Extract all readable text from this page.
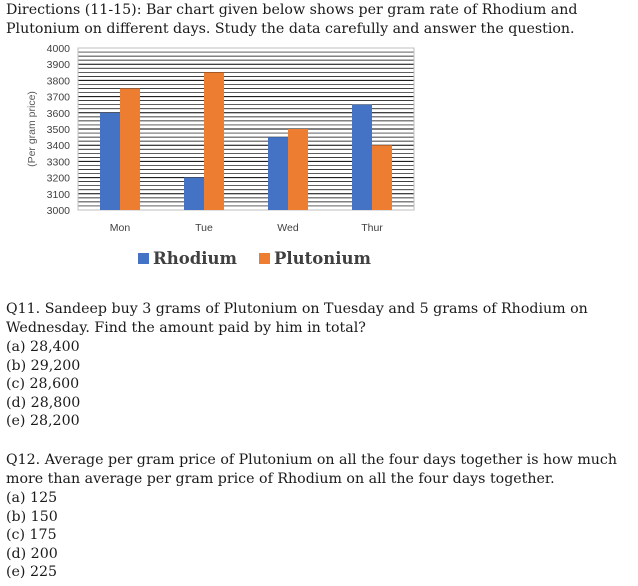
Directions (11-15): Bar chart given below shows per gram rate of Rhodium and Plutonium on different days. Study the data carefully and answer the question.

4000
3900
3800
3700
3600
3500
3400
3300
3200
3100
3000
(Per gram price)
Mon	Tue	Wed	Thur
Rhodium Plutonium

Q11. Sandeep buy 3 grams of Plutonium on Tuesday and 5 grams of Rhodium on Wednesday. Find the amount paid by him in total?

(a) 28,400

(b) 29,200

(c) 28,600

(d) 28,800

(e) 28,200

Q12. Average per gram price of Plutonium on all the four days together is how much more than average per gram price of Rhodium on all the four days together.

(a) 125

(b) 150

(c) 175

(d) 200

(e) 225
